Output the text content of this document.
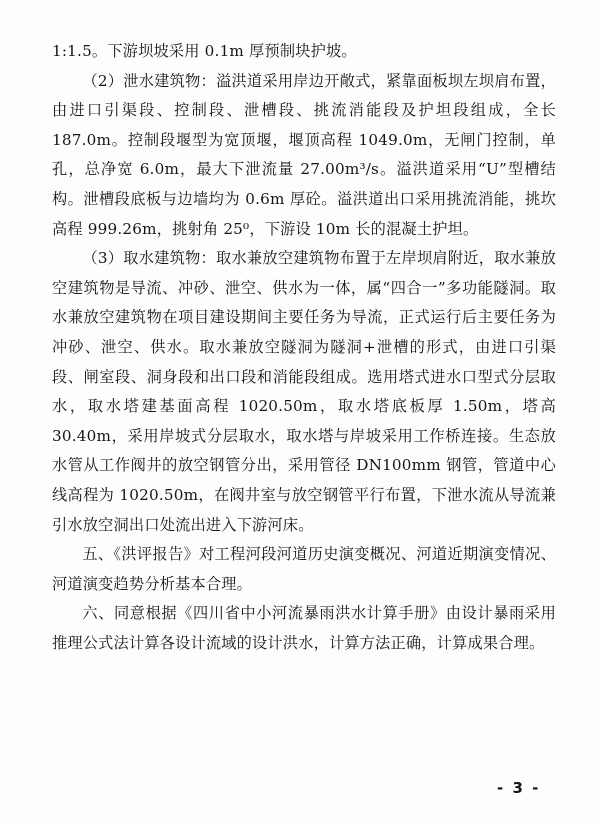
1:1.5。下游坝坡采用 0.1m 厚预制块护坡。

（2）泄水建筑物：溢洪道采用岸边开敞式，紧靠面板坝左坝肩布置，由进口引渠段、控制段、泄槽段、挑流消能段及护坦段组成，全长 187.0m。控制段堰型为宽顶堰，堰顶高程 1049.0m，无闸门控制，单孔，总净宽 6.0m，最大下泄流量 27.00m³/s。溢洪道采用“U”型槽结构。泄槽段底板与边墙均为 0.6m 厚砼。溢洪道出口采用挑流消能，挑坎高程 999.26m，挑射角 25⁰，下游设 10m 长的混凝土护坦。

（3）取水建筑物：取水兼放空建筑物布置于左岸坝肩附近，取水兼放空建筑物是导流、冲砂、泄空、供水为一体，属“四合一”多功能隧洞。取水兼放空建筑物在项目建设期间主要任务为导流，正式运行后主要任务为冲砂、泄空、供水。取水兼放空隧洞为隧洞+泄槽的形式，由进口引渠段、闸室段、洞身段和出口段和消能段组成。选用塔式进水口型式分层取水，取水塔建基面高程 1020.50m，取水塔底板厚 1.50m，塔高 30.40m，采用岸坡式分层取水，取水塔与岸坡采用工作桥连接。生态放水管从工作阀井的放空钢管分出，采用管径 DN100mm 钢管，管道中心线高程为 1020.50m，在阀井室与放空钢管平行布置，下泄水流从导流兼引水放空洞出口处流出进入下游河床。

五、《洪评报告》对工程河段河道历史演变概况、河道近期演变情况、河道演变趋势分析基本合理。

六、同意根据《四川省中小河流暴雨洪水计算手册》由设计暴雨采用推理公式法计算各设计流域的设计洪水，计算方法正确，计算成果合理。

- 3 -
